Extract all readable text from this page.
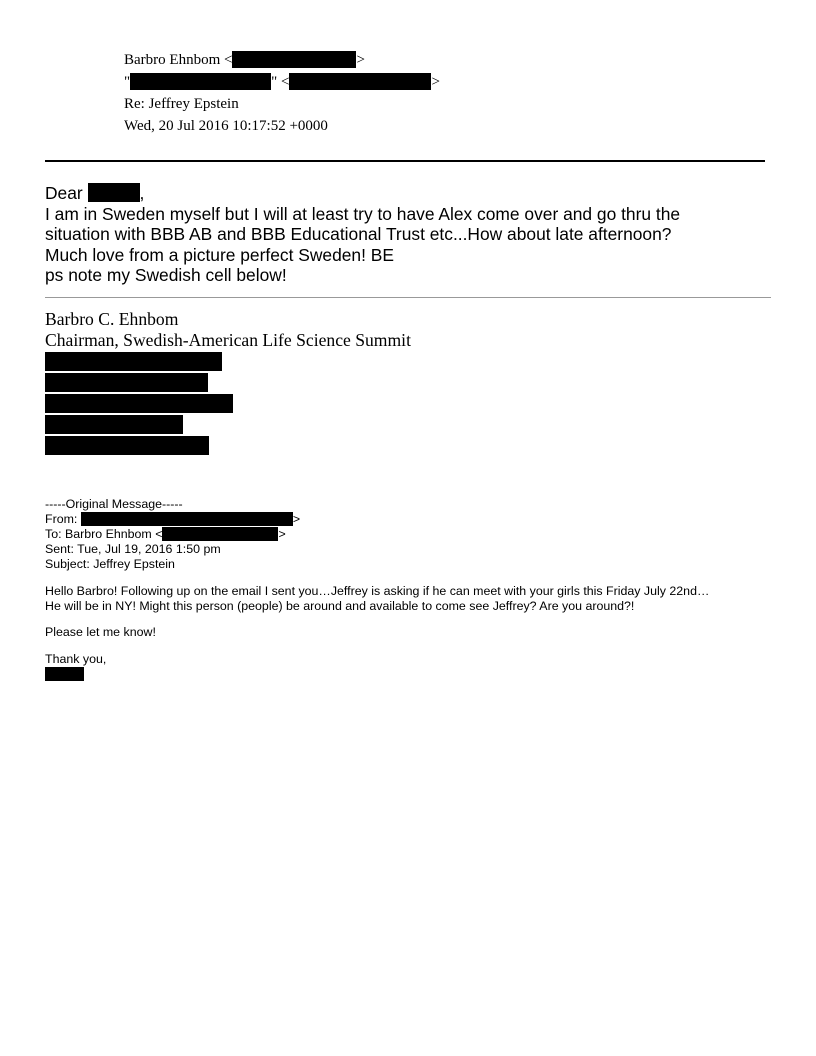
Barbro Ehnbom <	>
"	" <	>
Re: Jeffrey Epstein
Wed, 20 Jul 2016 10:17:52 +0000
Dear	,
I am in Sweden myself but I will at least try to have Alex come over and go thru the
situation with BBB AB and BBB Educational Trust etc...How about late afternoon?
Much love from a picture perfect Sweden! BE
ps note my Swedish cell below!
Barbro C. Ehnbom
Chairman, Swedish-American Life Science Summit
-----Original Message-----
From:	>
To: Barbro Ehnbom <	>
Sent: Tue, Jul 19, 2016 1:50 pm
Subject: Jeffrey Epstein
Hello Barbro! Following up on the email I sent you…Jeffrey is asking if he can meet with your girls this Friday July 22nd…
He will be in NY! Might this person (people) be around and available to come see Jeffrey? Are you around?!
Please let me know!
Thank you,
